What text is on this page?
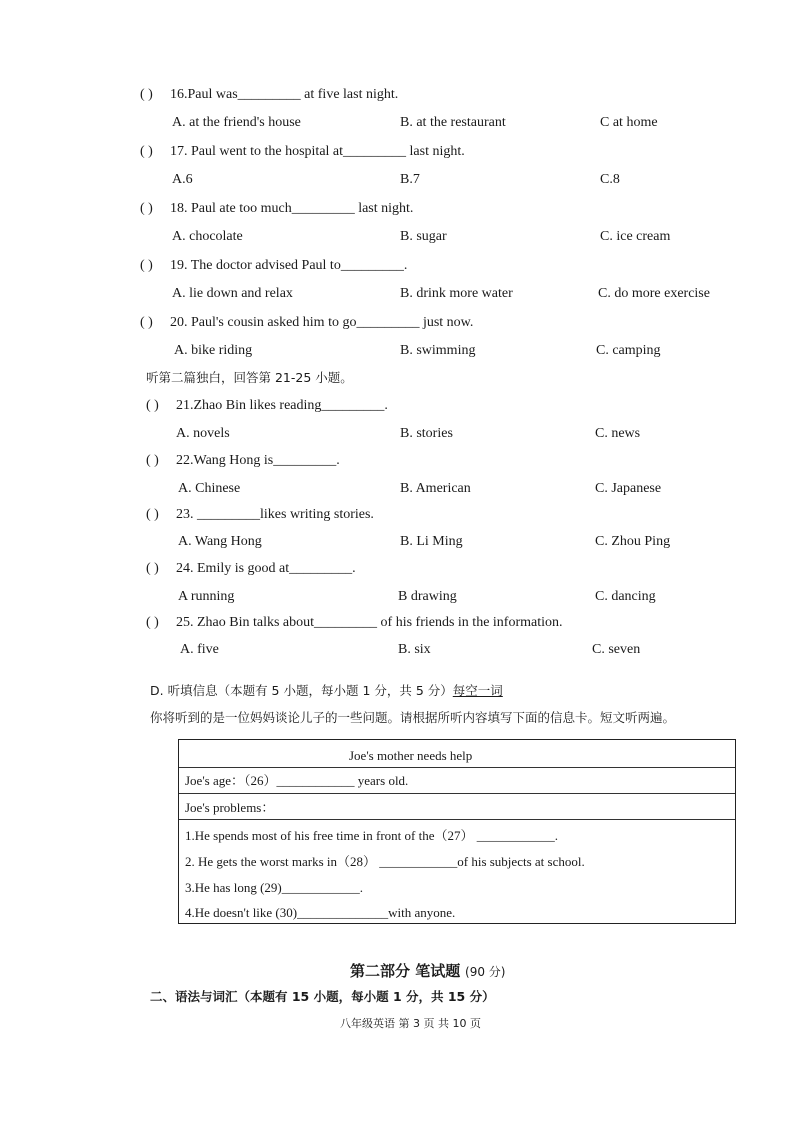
( ) 16.Paul was_________ at five last night.
A. at the friend's house	B. at the restaurant	C at home
( ) 17. Paul went to the hospital at_________ last night.
A.6	B.7	C.8
( ) 18. Paul ate too much_________ last night.
A. chocolate	B. sugar	C. ice cream
( ) 19. The doctor advised Paul to_________.
A. lie down and relax	B. drink more water	C. do more exercise
( ) 20. Paul's cousin asked him to go_________ just now.
A. bike riding	B. swimming	C. camping
听第二篇独白，回答第 21-25 小题。
( ) 21.Zhao Bin likes reading_________.
A. novels	B. stories	C. news
( ) 22.Wang Hong is_________.
A. Chinese	B. American	C. Japanese
( ) 23. _________likes writing stories.
A. Wang Hong	B. Li Ming	C. Zhou Ping
( ) 24. Emily is good at_________.
A running	B drawing	C. dancing
( ) 25. Zhao Bin talks about_________ of his friends in the information.
A. five	B. six	C. seven
D. 听填信息（本题有 5 小题，每小题 1 分，共 5 分）每空一词
你将听到的是一位妈妈谈论儿子的一些问题。请根据所听内容填写下面的信息卡。短文听两遍。
Joe's mother needs help
Joe's age：（26）____________ years old.
Joe's problems：
1.He spends most of his free time in front of the（27） ____________.
2. He gets the worst marks in（28） ____________of his subjects at school.
3.He has long (29)____________.
4.He doesn't like (30)______________with anyone.
第二部分 笔试题 (90 分)
二、语法与词汇（本题有 15 小题，每小题 1 分，共 15 分）
八年级英语 第 3 页 共 10 页
